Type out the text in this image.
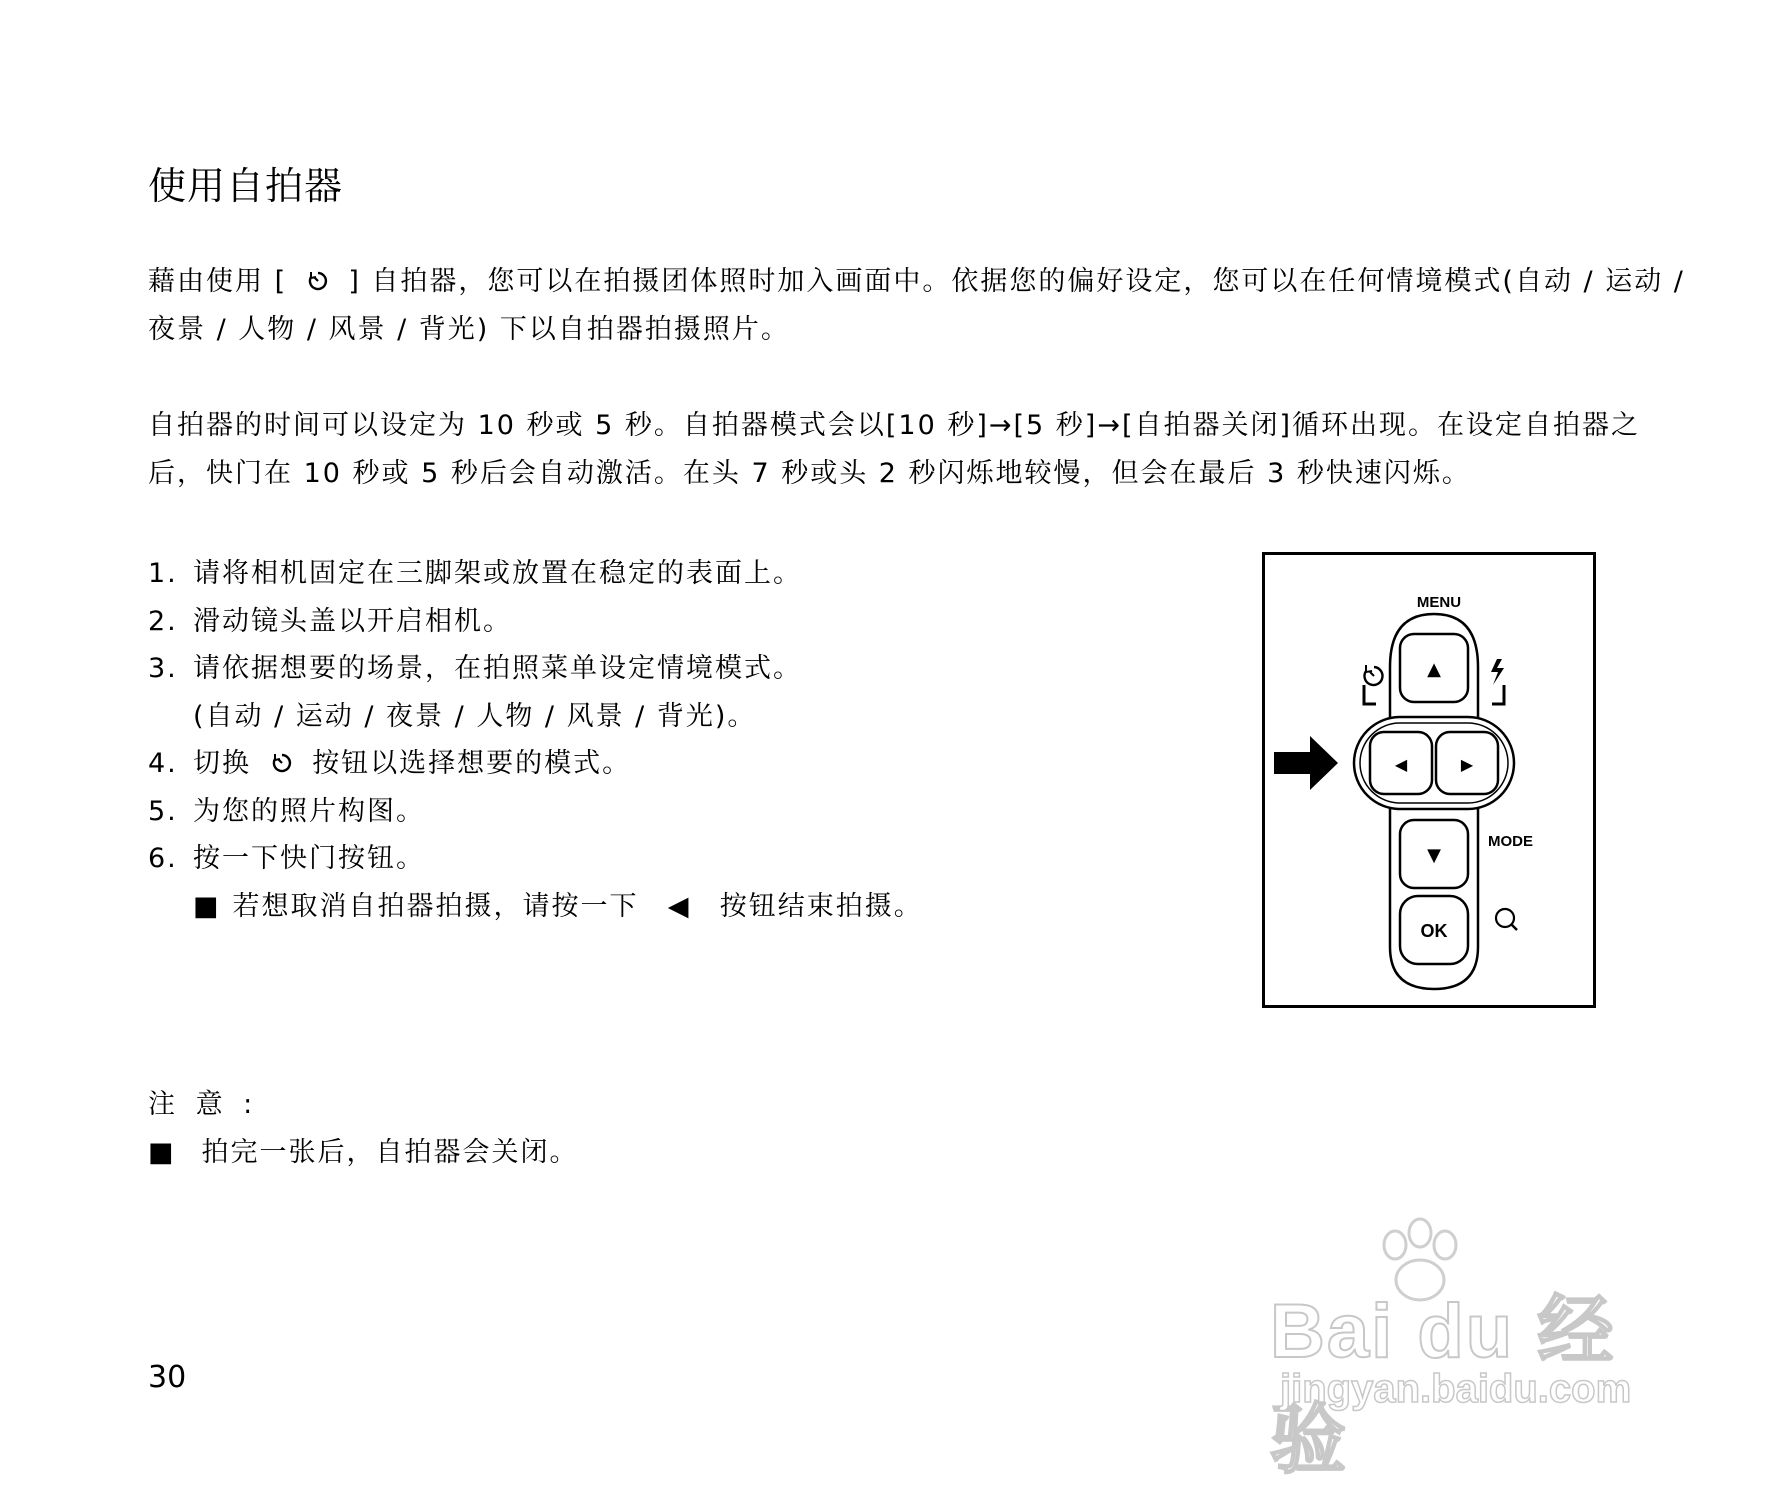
使用自拍器
藉由使用 [ ] 自拍器，您可以在拍摄团体照时加入画面中。依据您的偏好设定，您可以在任何情境模式(自动 / 运动 / 夜景 / 人物 / 风景 / 背光) 下以自拍器拍摄照片。
自拍器的时间可以设定为 10 秒或 5 秒。自拍器模式会以[10 秒]→[5 秒]→[自拍器关闭]循环出现。在设定自拍器之后，快门在 10 秒或 5 秒后会自动激活。在头 7 秒或头 2 秒闪烁地较慢，但会在最后 3 秒快速闪烁。
1. 请将相机固定在三脚架或放置在稳定的表面上。
2. 滑动镜头盖以开启相机。
3. 请依据想要的场景，在拍照菜单设定情境模式。
(自动 / 运动 / 夜景 / 人物 / 风景 / 背光)。
4. 切换 按钮以选择想要的模式。
5. 为您的照片构图。
6. 按一下快门按钮。
■ 若想取消自拍器拍摄，请按一下 ◀ 按钮结束拍摄。
MENU
▲
◀	▶
▼
OK
MODE
注 意 :
■ 拍完一张后，自拍器会关闭。
30
Bai du 经验
jingyan.baidu.com
